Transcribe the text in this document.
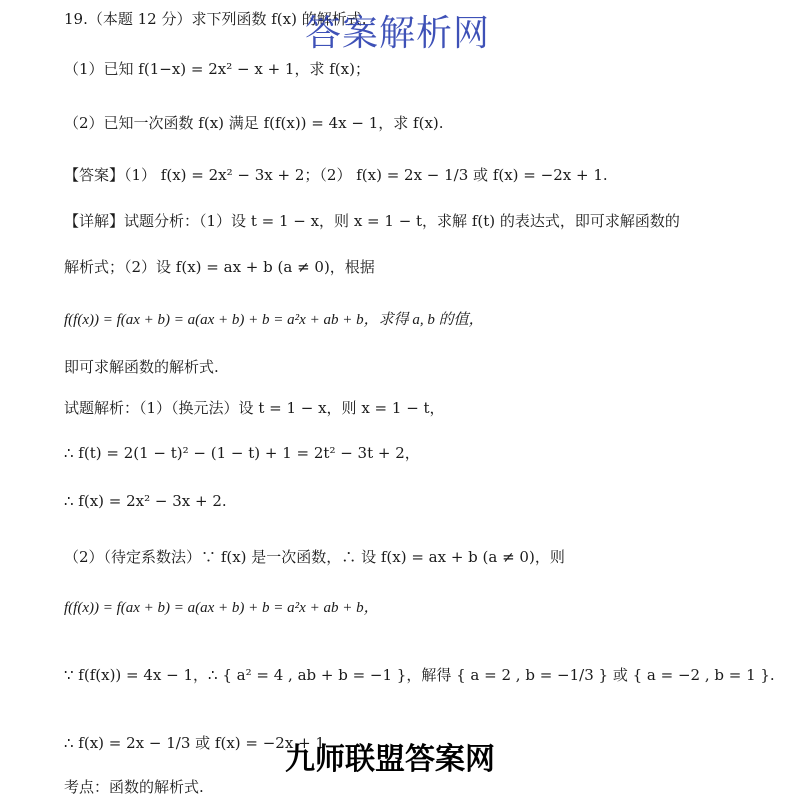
19.（本题 12 分）求下列函数 f(x) 的解析式.
答案解析网
（1）已知 f(1−x) = 2x² − x + 1，求 f(x)；
（2）已知一次函数 f(x) 满足 f(f(x)) = 4x − 1，求 f(x).
【答案】（1） f(x) = 2x² − 3x + 2；（2） f(x) = 2x − 1/3 或 f(x) = −2x + 1.
【详解】试题分析：（1）设 t = 1 − x，则 x = 1 − t，求解 f(t) 的表达式，即可求解函数的
解析式；（2）设 f(x) = ax + b (a ≠ 0)，根据
f(f(x)) = f(ax + b) = a(ax + b) + b = a²x + ab + b，求得 a, b 的值，
即可求解函数的解析式.
试题解析：（1）（换元法）设 t = 1 − x，则 x = 1 − t，
∴ f(t) = 2(1 − t)² − (1 − t) + 1 = 2t² − 3t + 2，
∴ f(x) = 2x² − 3x + 2.
（2）（待定系数法）∵ f(x) 是一次函数，∴ 设 f(x) = ax + b (a ≠ 0)，则
f(f(x)) = f(ax + b) = a(ax + b) + b = a²x + ab + b，
∵ f(f(x)) = 4x − 1，∴ { a² = 4 , ab + b = −1 }，解得 { a = 2 , b = −1/3 } 或 { a = −2 , b = 1 }.
∴ f(x) = 2x − 1/3 或 f(x) = −2x + 1
考点：函数的解析式.
九师联盟答案网
